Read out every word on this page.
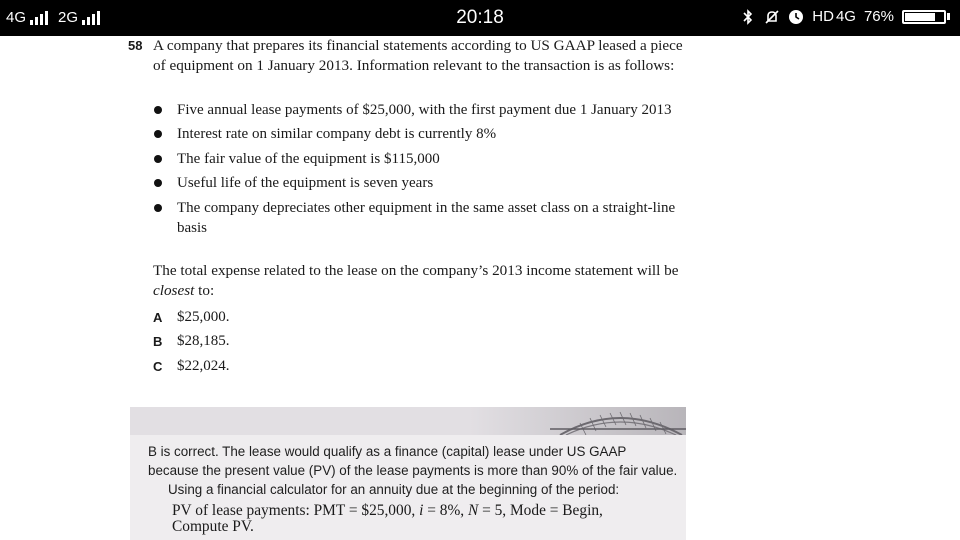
4G 2G	20:18	HD 4G 76%
58 A company that prepares its financial statements according to US GAAP leased a piece of equipment on 1 January 2013. Information relevant to the transaction is as follows:
Five annual lease payments of $25,000, with the first payment due 1 January 2013
Interest rate on similar company debt is currently 8%
The fair value of the equipment is $115,000
Useful life of the equipment is seven years
The company depreciates other equipment in the same asset class on a straight-line basis
The total expense related to the lease on the company’s 2013 income statement will be closest to:
A $25,000.
B $28,185.
C $22,024.

B is correct. The lease would qualify as a finance (capital) lease under US GAAP because the present value (PV) of the lease payments is more than 90% of the fair value.

Using a financial calculator for an annuity due at the beginning of the period:

PV of lease payments: PMT = $25,000, i = 8%, N = 5, Mode = Begin,
Compute PV.
